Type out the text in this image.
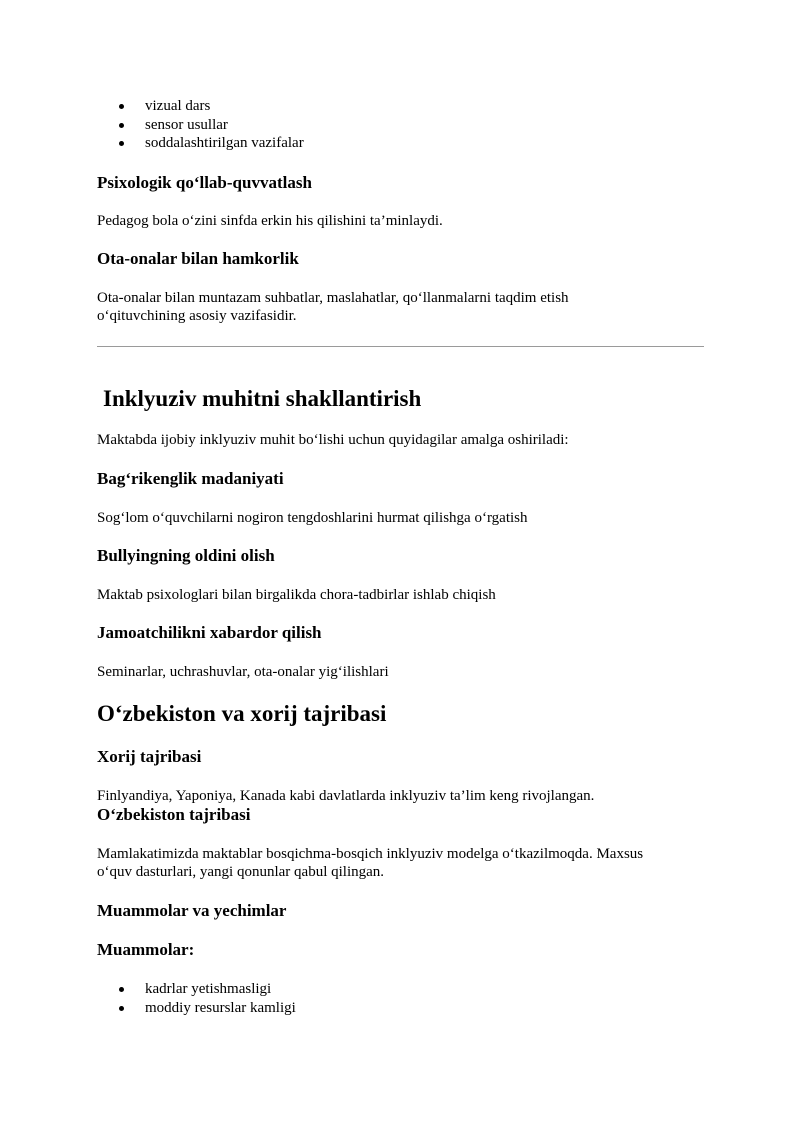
vizual dars
sensor usullar
soddalashtirilgan vazifalar
Psixologik qo‘llab-quvvatlash
Pedagog bola o‘zini sinfda erkin his qilishini ta’minlaydi.
Ota-onalar bilan hamkorlik
Ota-onalar bilan muntazam suhbatlar, maslahatlar, qo‘llanmalarni taqdim etish
o‘qituvchining asosiy vazifasidir.
Inklyuziv muhitni shakllantirish
Maktabda ijobiy inklyuziv muhit bo‘lishi uchun quyidagilar amalga oshiriladi:
Bag‘rikenglik madaniyati
Sog‘lom o‘quvchilarni nogiron tengdoshlarini hurmat qilishga o‘rgatish
Bullyingning oldini olish
Maktab psixologlari bilan birgalikda chora-tadbirlar ishlab chiqish
Jamoatchilikni xabardor qilish
Seminarlar, uchrashuvlar, ota-onalar yig‘ilishlari
O‘zbekiston va xorij tajribasi
Xorij tajribasi
Finlyandiya, Yaponiya, Kanada kabi davlatlarda inklyuziv ta’lim keng rivojlangan.
O‘zbekiston tajribasi
Mamlakatimizda maktablar bosqichma-bosqich inklyuziv modelga o‘tkazilmoqda. Maxsus
o‘quv dasturlari, yangi qonunlar qabul qilingan.
Muammolar va yechimlar
Muammolar:
kadrlar yetishmasligi
moddiy resurslar kamligi
